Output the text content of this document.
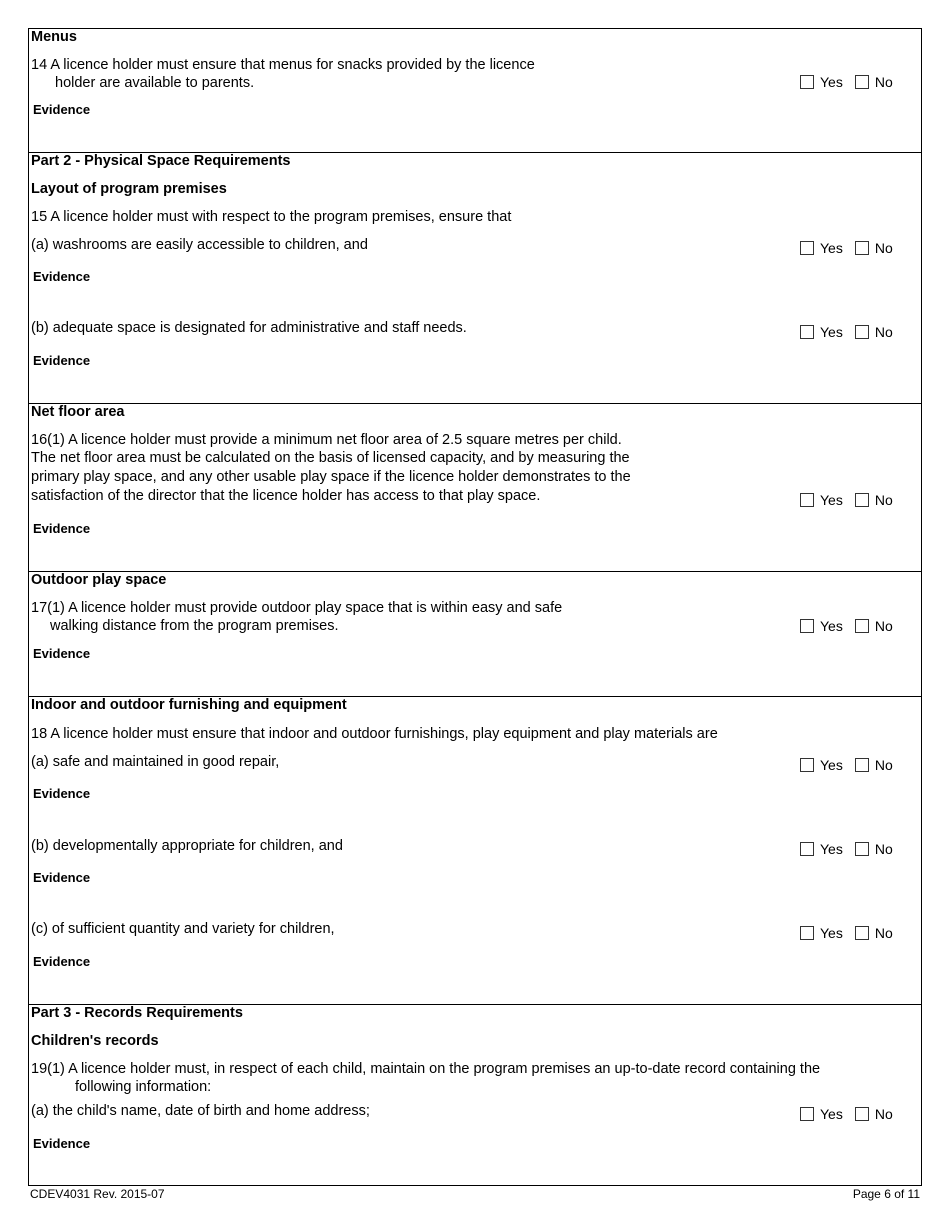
Menus
14 A licence holder must ensure that menus for snacks provided by the licence
holder are available to parents.	Yes No
Evidence
Part 2 - Physical Space Requirements
Layout of program premises
15 A licence holder must with respect to the program premises, ensure that
(a) washrooms are easily accessible to children, and	Yes No
Evidence
(b) adequate space is designated for administrative and staff needs.	Yes No
Evidence
Net floor area
16(1) A licence holder must provide a minimum net floor area of 2.5 square metres per child.
The net floor area must be calculated on the basis of licensed capacity, and by measuring the
primary play space, and any other usable play space if the licence holder demonstrates to the
satisfaction of the director that the licence holder has access to that play space.	Yes No
Evidence
Outdoor play space
17(1) A licence holder must provide outdoor play space that is within easy and safe
walking distance from the program premises.	Yes No
Evidence
Indoor and outdoor furnishing and equipment
18 A licence holder must ensure that indoor and outdoor furnishings, play equipment and play materials are
(a) safe and maintained in good repair,	Yes No
Evidence
(b) developmentally appropriate for children, and	Yes No
Evidence
(c) of sufficient quantity and variety for children,	Yes No
Evidence
Part 3 - Records Requirements
Children's records
19(1) A licence holder must, in respect of each child, maintain on the program premises an up-to-date record containing the
following information:
(a) the child's name, date of birth and home address;	Yes No
Evidence
CDEV4031 Rev. 2015-07	Page 6 of 11
